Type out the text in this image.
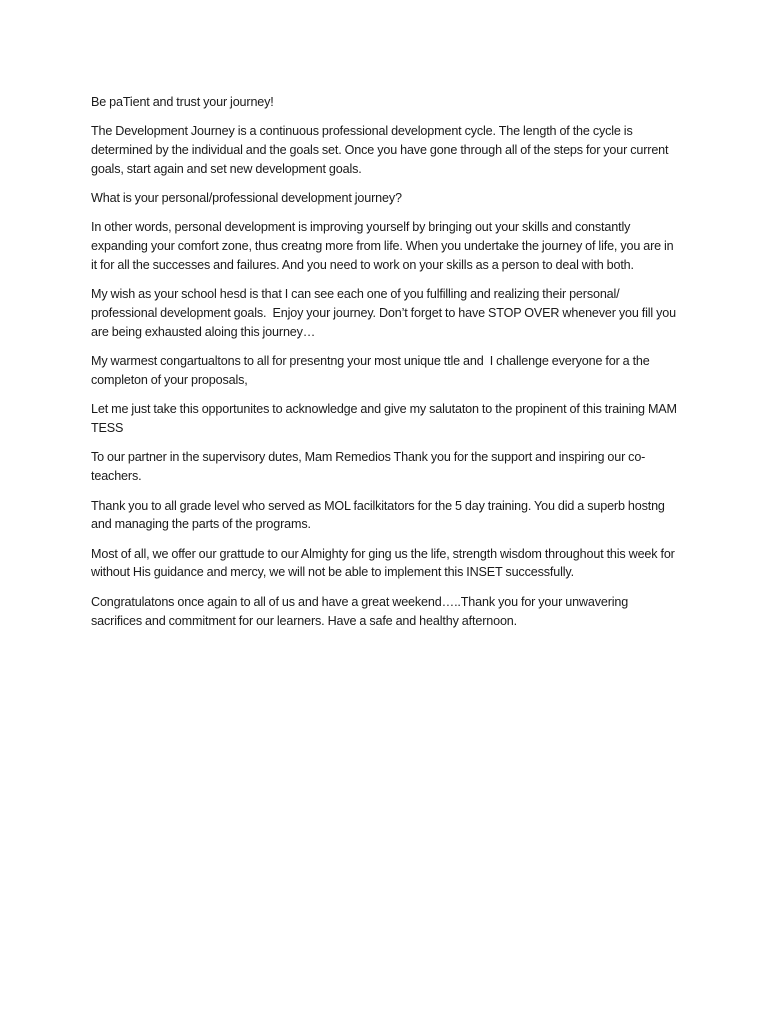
Be paTient and trust your journey!

The Development Journey is a continuous professional development cycle. The length of the cycle is determined by the individual and the goals set. Once you have gone through all of the steps for your current goals, start again and set new development goals.

What is your personal/professional development journey?

In other words, personal development is improving yourself by bringing out your skills and constantly expanding your comfort zone, thus creatng more from life. When you undertake the journey of life, you are in it for all the successes and failures. And you need to work on your skills as a person to deal with both.

My wish as your school hesd is that I can see each one of you fulfilling and realizing their personal/ professional development goals.  Enjoy your journey. Don’t forget to have STOP OVER whenever you fill you are being exhausted aloing this journey…

My warmest congartualtons to all for presentng your most unique ttle and  I challenge everyone for a the completon of your proposals,

Let me just take this opportunites to acknowledge and give my salutaton to the propinent of this training MAM TESS

To our partner in the supervisory dutes, Mam Remedios Thank you for the support and inspiring our co-teachers.

Thank you to all grade level who served as MOL facilkitators for the 5 day training. You did a superb hostng and managing the parts of the programs.

Most of all, we offer our grattude to our Almighty for ging us the life, strength wisdom throughout this week for without His guidance and mercy, we will not be able to implement this INSET successfully.

Congratulatons once again to all of us and have a great weekend…..Thank you for your unwavering sacrifices and commitment for our learners. Have a safe and healthy afternoon.
